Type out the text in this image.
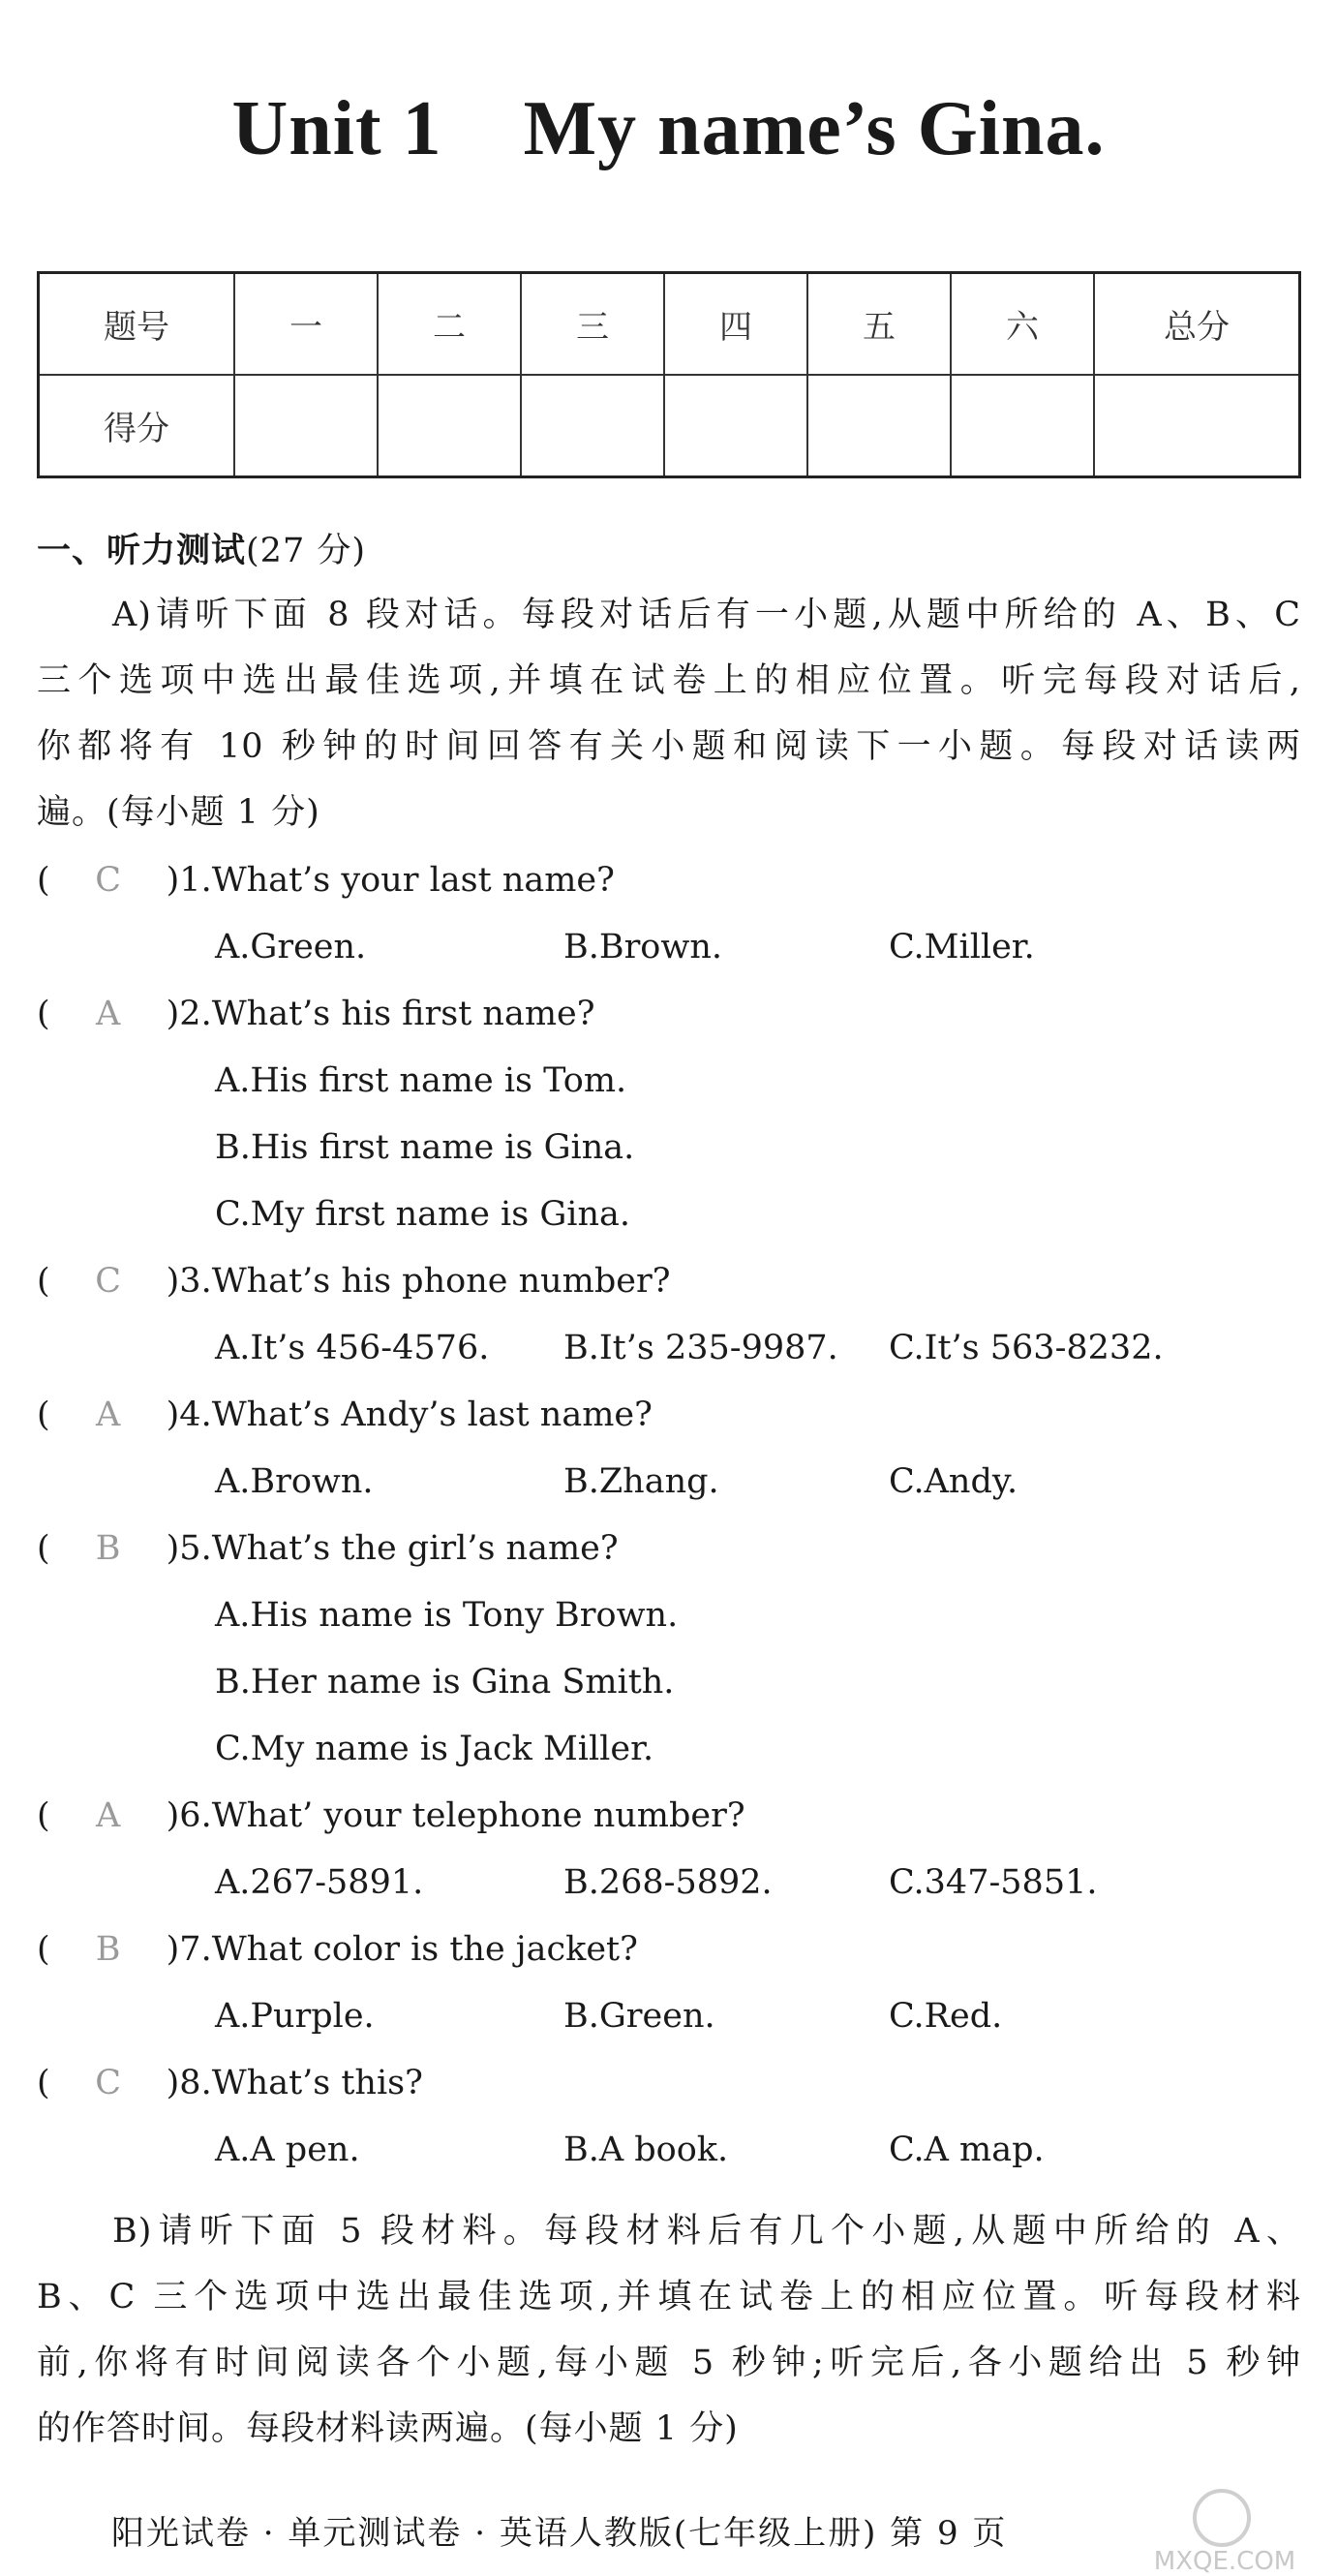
Unit 1    My name’s Gina.
题号	一	二	三	四	五	六	总分
得分							
一、听力测试(27 分)
A)请听下面 8 段对话。每段对话后有一小题,从题中所给的 A、B、C
三个选项中选出最佳选项,并填在试卷上的相应位置。听完每段对话后,
你都将有 10 秒钟的时间回答有关小题和阅读下一小题。每段对话读两
遍。(每小题 1 分)
( C )1.What’s your last name?
A.Green.	B.Brown.	C.Miller.
( A )2.What’s his first name?
A.His first name is Tom.
B.His first name is Gina.
C.My first name is Gina.
( C )3.What’s his phone number?
A.It’s 456-4576. B.It’s 235-9987. C.It’s 563-8232.
( A )4.What’s Andy’s last name?
A.Brown.	B.Zhang.	C.Andy.
( B )5.What’s the girl’s name?
A.His name is Tony Brown.
B.Her name is Gina Smith.
C.My name is Jack Miller.
( A )6.What’ your telephone number?
A.267-5891.	B.268-5892.	C.347-5851.
( B )7.What color is the jacket?
A.Purple.	B.Green.	C.Red.
( C )8.What’s this?
A.A pen.	B.A book.	C.A map.
B)请听下面 5 段材料。每段材料后有几个小题,从题中所给的 A、
B、C 三个选项中选出最佳选项,并填在试卷上的相应位置。听每段材料
前,你将有时间阅读各个小题,每小题 5 秒钟;听完后,各小题给出 5 秒钟
的作答时间。每段材料读两遍。(每小题 1 分)
阳光试卷 · 单元测试卷 · 英语人教版(七年级上册) 第 9 页
MXQE.COM
